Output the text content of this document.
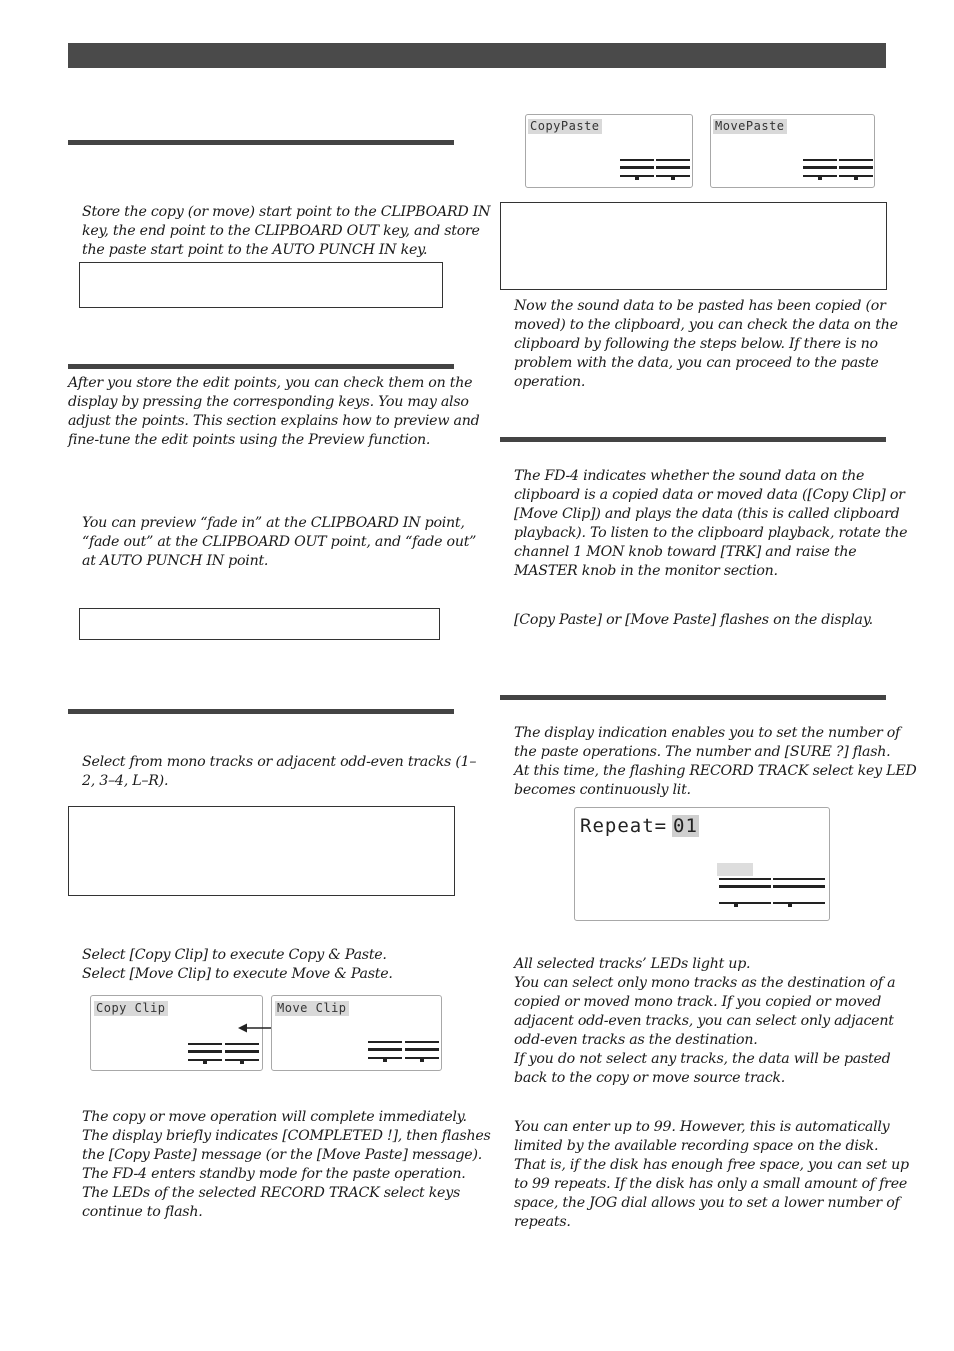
Store the copy (or move) start point to the CLIPBOARD IN
key, the end point to the CLIPBOARD OUT key, and store
the paste start point to the AUTO PUNCH IN key.
After you store the edit points, you can check them on the
display by pressing the corresponding keys. You may also
adjust the points. This section explains how to preview and
fine-tune the edit points using the Preview function.
You can preview “fade in” at the CLIPBOARD IN point,
“fade out” at the CLIPBOARD OUT point, and “fade out”
at AUTO PUNCH IN point.
Select from mono tracks or adjacent odd-even tracks (1–
2, 3–4, L–R).
Select [Copy Clip] to execute Copy & Paste.
Select [Move Clip] to execute Move & Paste.
Copy Clip	Move Clip
The copy or move operation will complete immediately.
The display briefly indicates [COMPLETED !], then flashes
the [Copy Paste] message (or the [Move Paste] message).
The FD-4 enters standby mode for the paste operation.
The LEDs of the selected RECORD TRACK select keys
continue to flash.
CopyPaste	MovePaste
Now the sound data to be pasted has been copied (or
moved) to the clipboard, you can check the data on the
clipboard by following the steps below. If there is no
problem with the data, you can proceed to the paste
operation.
The FD-4 indicates whether the sound data on the
clipboard is a copied data or moved data ([Copy Clip] or
[Move Clip]) and plays the data (this is called clipboard
playback). To listen to the clipboard playback, rotate the
channel 1 MON knob toward [TRK] and raise the
MASTER knob in the monitor section.
[Copy Paste] or [Move Paste] flashes on the display.
The display indication enables you to set the number of
the paste operations. The number and [SURE ?] flash.
At this time, the flashing RECORD TRACK select key LED
becomes continuously lit.
Repeat= 01
All selected tracks’ LEDs light up.
You can select only mono tracks as the destination of a
copied or moved mono track. If you copied or moved
adjacent odd-even tracks, you can select only adjacent
odd-even tracks as the destination.
If you do not select any tracks, the data will be pasted
back to the copy or move source track.
You can enter up to 99. However, this is automatically
limited by the available recording space on the disk.
That is, if the disk has enough free space, you can set up
to 99 repeats. If the disk has only a small amount of free
space, the JOG dial allows you to set a lower number of
repeats.
